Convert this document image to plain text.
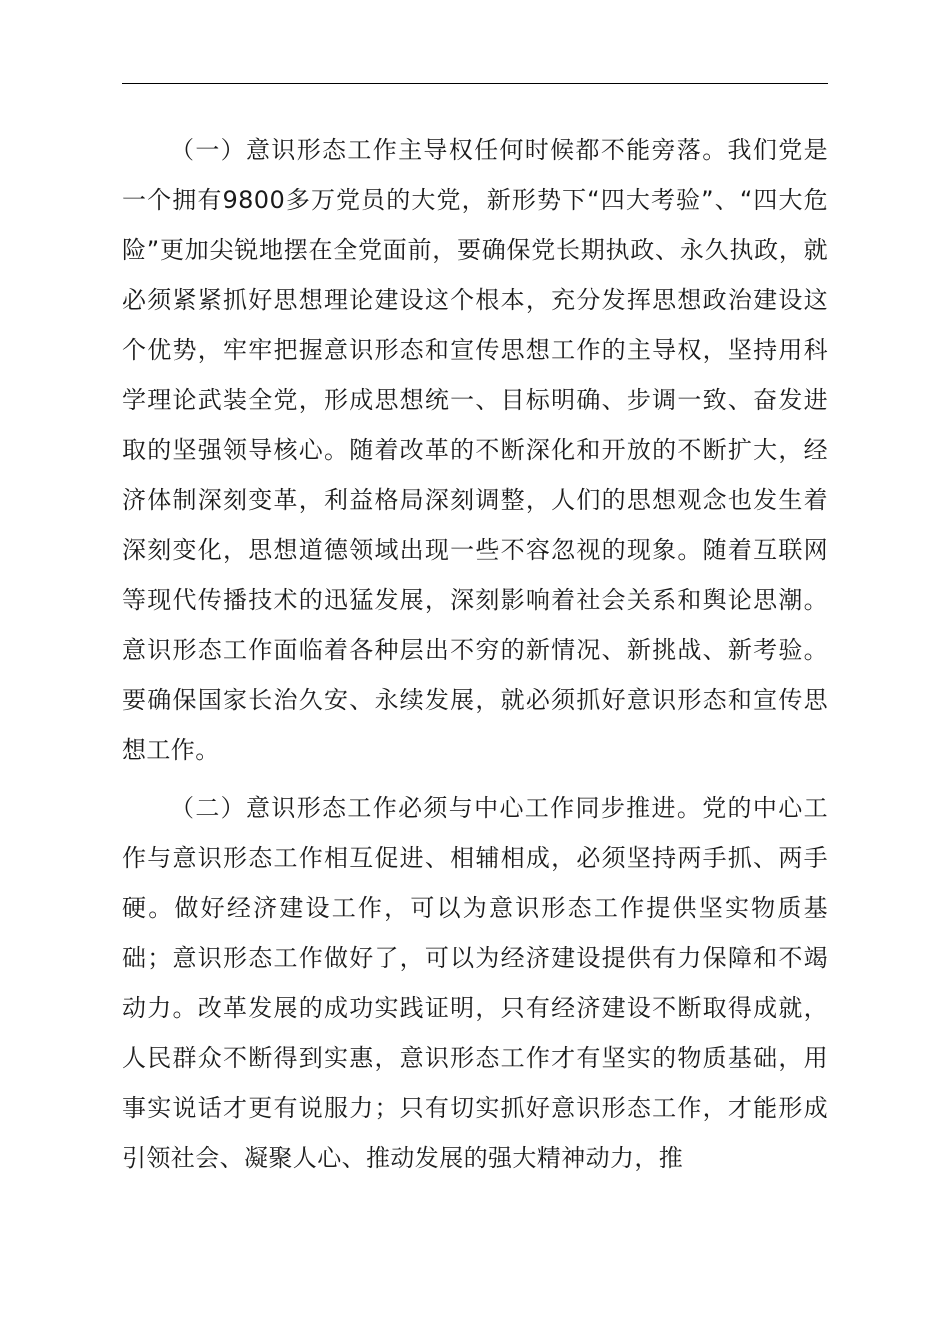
（一）意识形态工作主导权任何时候都不能旁落。我们党是一个拥有9800多万党员的大党，新形势下“四大考验”、“四大危险”更加尖锐地摆在全党面前，要确保党长期执政、永久执政，就必须紧紧抓好思想理论建设这个根本，充分发挥思想政治建设这个优势，牢牢把握意识形态和宣传思想工作的主导权，坚持用科学理论武装全党，形成思想统一、目标明确、步调一致、奋发进取的坚强领导核心。随着改革的不断深化和开放的不断扩大，经济体制深刻变革，利益格局深刻调整，人们的思想观念也发生着深刻变化，思想道德领域出现一些不容忽视的现象。随着互联网等现代传播技术的迅猛发展，深刻影响着社会关系和舆论思潮。意识形态工作面临着各种层出不穷的新情况、新挑战、新考验。要确保国家长治久安、永续发展，就必须抓好意识形态和宣传思想工作。

（二）意识形态工作必须与中心工作同步推进。党的中心工作与意识形态工作相互促进、相辅相成，必须坚持两手抓、两手硬。做好经济建设工作，可以为意识形态工作提供坚实物质基础；意识形态工作做好了，可以为经济建设提供有力保障和不竭动力。改革发展的成功实践证明，只有经济建设不断取得成就，人民群众不断得到实惠，意识形态工作才有坚实的物质基础，用事实说话才更有说服力；只有切实抓好意识形态工作，才能形成引领社会、凝聚人心、推动发展的强大精神动力，推
